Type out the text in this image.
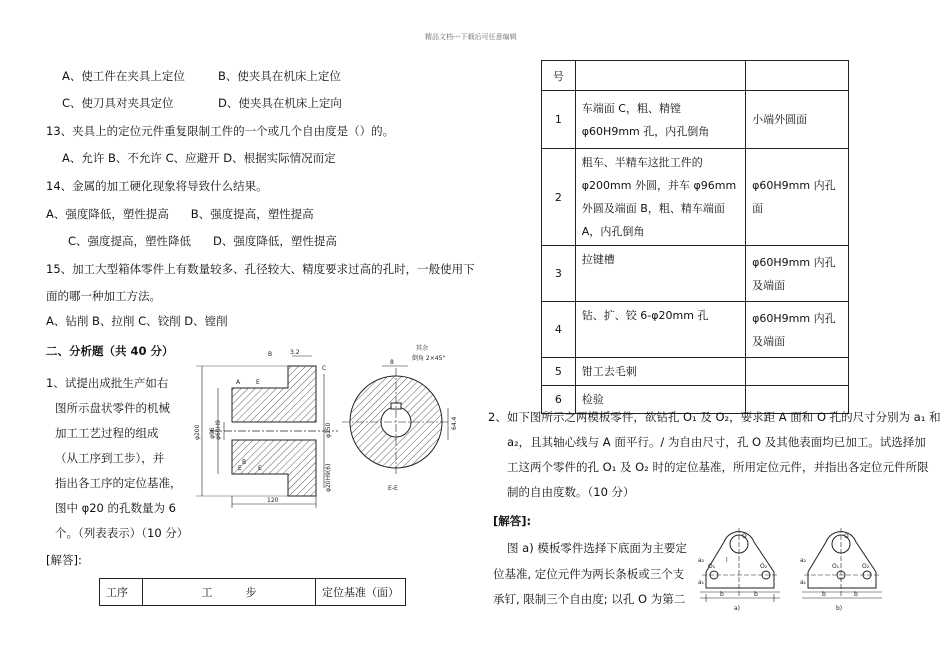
精品文档---下载后可任意编辑
A、使工件在夹具上定位	B、使夹具在机床上定位
C、使刀具对夹具定位	D、使夹具在机床上定向
13、夹具上的定位元件重复限制工件的一个或几个自由度是（）的。
A、允许 B、不允许 C、应避开 D、根据实际情况而定
14、金属的加工硬化现象将导致什么结果。
A、强度降低，塑性提高      B、强度提高，塑性提高
C、强度提高，塑性降低      D、强度降低，塑性提高
15、加工大型箱体零件上有数量较多、孔径较大、精度要求过高的孔时，一般使用下
面的哪一种加工方法。
A、钻削 B、拉削 C、铰削 D、镗削
二、分析题（共 40 分）
1、试提出成批生产如右
图所示盘状零件的机械
加工工艺过程的组成
（从工序到工步），并
指出各工序的定位基准，
图中 φ20 的孔数量为 6
个。（列表表示）（10 分）
[解答]:
工序	工　　　步	定位基准（面）
B	3.2
C
A	E
φ60H9
φ96
φ200	φ150
φ20H9(6)
120
E
E
B
8
64.4
E-E
其余
倒角 2×45°
号		
1	车端面 C，粗、精镗 φ60H9mm 孔，内孔倒角	小端外圆面
2	粗车、半精车这批工件的 φ200mm 外圆，并车 φ96mm 外圆及端面 B，粗、精车端面 A，内孔倒角	φ60H9mm 内孔面
3	拉键槽	φ60H9mm 内孔及端面
4	钻、扩、铰 6-φ20mm 孔	φ60H9mm 内孔及端面
5	钳工去毛刺	
6	检验	
2、如下图所示之两模板零件，欲钻孔 O₁ 及 O₂，要求距 A 面和 O 孔的尺寸分别为 a₁ 和
a₂，且其轴心线与 A 面平行。/ 为自由尺寸，孔 O 及其他表面均已加工。试选择加
工这两个零件的孔 O₁ 及 O₂ 时的定位基准，所用定位元件，并指出各定位元件所限
制的自由度数。（10 分）
[解答]:
图 a) 模板零件选择下底面为主要定
位基准, 定位元件为两长条板或三个支
承钉, 限制三个自由度; 以孔 O 为第二
O
O₁	O₂
l
a₂
a₁
b	b
a)
O
O₁	O₂
a₂
a₁
b	b
b)
